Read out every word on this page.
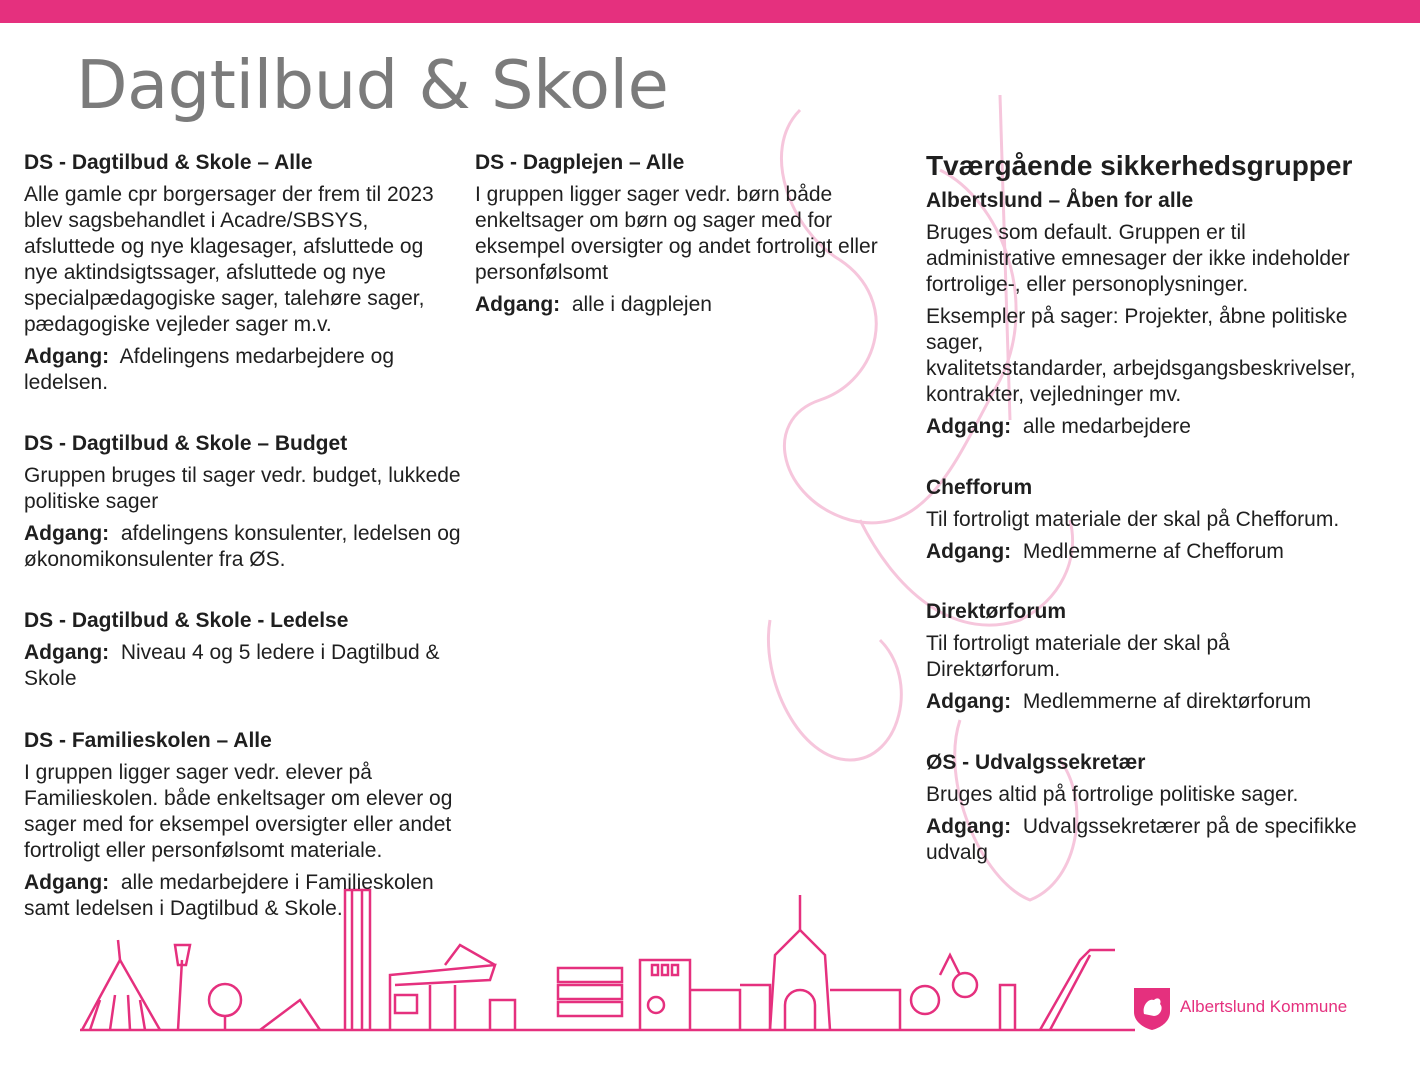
Dagtilbud & Skole
DS - Dagtilbud & Skole – Alle

Alle gamle cpr borgersager der frem til 2023
blev sagsbehandlet i Acadre/SBSYS,
afsluttede og nye klagesager, afsluttede og
nye aktindsigtssager, afsluttede og nye
specialpædagogiske sager, talehøre sager,
pædagogiske vejleder sager m.v.

Adgang: Afdelingens medarbejdere og
ledelsen.

DS - Dagtilbud & Skole – Budget

Gruppen bruges til sager vedr. budget, lukkede
politiske sager

Adgang: afdelingens konsulenter, ledelsen og
økonomikonsulenter fra ØS.

DS - Dagtilbud & Skole - Ledelse

Adgang: Niveau 4 og 5 ledere i Dagtilbud &
Skole

DS - Familieskolen – Alle

I gruppen ligger sager vedr. elever på
Familieskolen. både enkeltsager om elever og
sager med for eksempel oversigter eller andet
fortroligt eller personfølsomt materiale.

Adgang: alle medarbejdere i Familieskolen
samt ledelsen i Dagtilbud & Skole.

DS - Dagplejen – Alle

I gruppen ligger sager vedr. børn både
enkeltsager om børn og sager med for
eksempel oversigter og andet fortroligt eller
personfølsomt

Adgang: alle i dagplejen

Tværgående sikkerhedsgrupper
Albertslund – Åben for alle

Bruges som default. Gruppen er til
administrative emnesager der ikke indeholder
fortrolige-, eller personoplysninger.

Eksempler på sager: Projekter, åbne politiske
sager,
kvalitetsstandarder, arbejdsgangsbeskrivelser,
kontrakter, vejledninger mv.

Adgang: alle medarbejdere

Chefforum

Til fortroligt materiale der skal på Chefforum.

Adgang: Medlemmerne af Chefforum

Direktørforum

Til fortroligt materiale der skal på
Direktørforum.

Adgang: Medlemmerne af direktørforum

ØS - Udvalgssekretær

Bruges altid på fortrolige politiske sager.

Adgang: Udvalgssekretærer på de specifikke
udvalg

Albertslund Kommune
